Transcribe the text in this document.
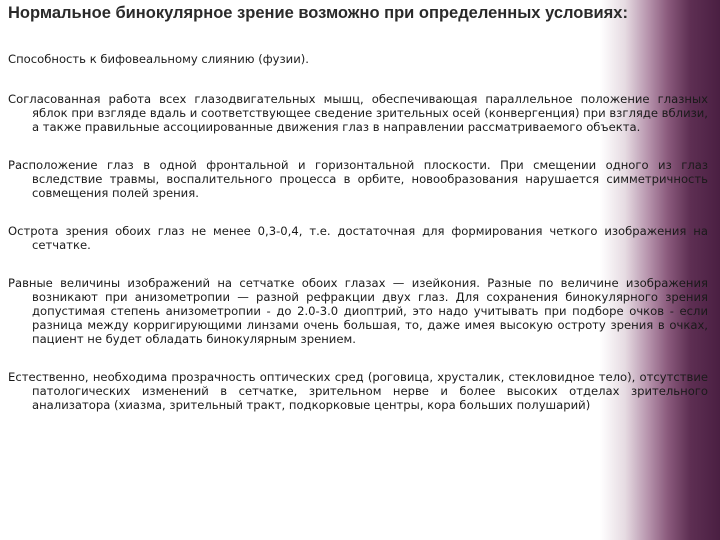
Нормальное бинокулярное зрение возможно при определенных условиях:

Способность к бифовеальному слиянию (фузии).

Согласованная работа всех глазодвигательных мышц, обеспечивающая параллельное положение глазных яблок при взгляде вдаль и соответствующее сведение зрительных осей (конвергенция) при взгляде вблизи, а также правильные ассоциированные движения глаз в направлении рассматриваемого объекта.

Расположение глаз в одной фронтальной и горизонтальной плоскости. При смещении одного из глаз вследствие травмы, воспалительного процесса в орбите, новообразования нарушается симметричность совмещения полей зрения.

Острота зрения обоих глаз не менее 0,3-0,4, т.е. достаточная для формирования четкого изображения на сетчатке.

Равные величины изображений на сетчатке обоих глазах — изейкония. Разные по величине изображения возникают при анизометропии — разной рефракции двух глаз. Для сохранения бинокулярного зрения допустимая степень анизометропии - до 2.0-3.0 диоптрий, это надо учитывать при подборе очков - если разница между корригирующими линзами очень большая, то, даже имея высокую остроту зрения в очках, пациент не будет обладать бинокулярным зрением.

Естественно, необходима прозрачность оптических сред (роговица, хрусталик, стекловидное тело), отсутствие патологических изменений в сетчатке, зрительном нерве и более высоких отделах зрительного анализатора (хиазма, зрительный тракт, подкорковые центры, кора больших полушарий)
